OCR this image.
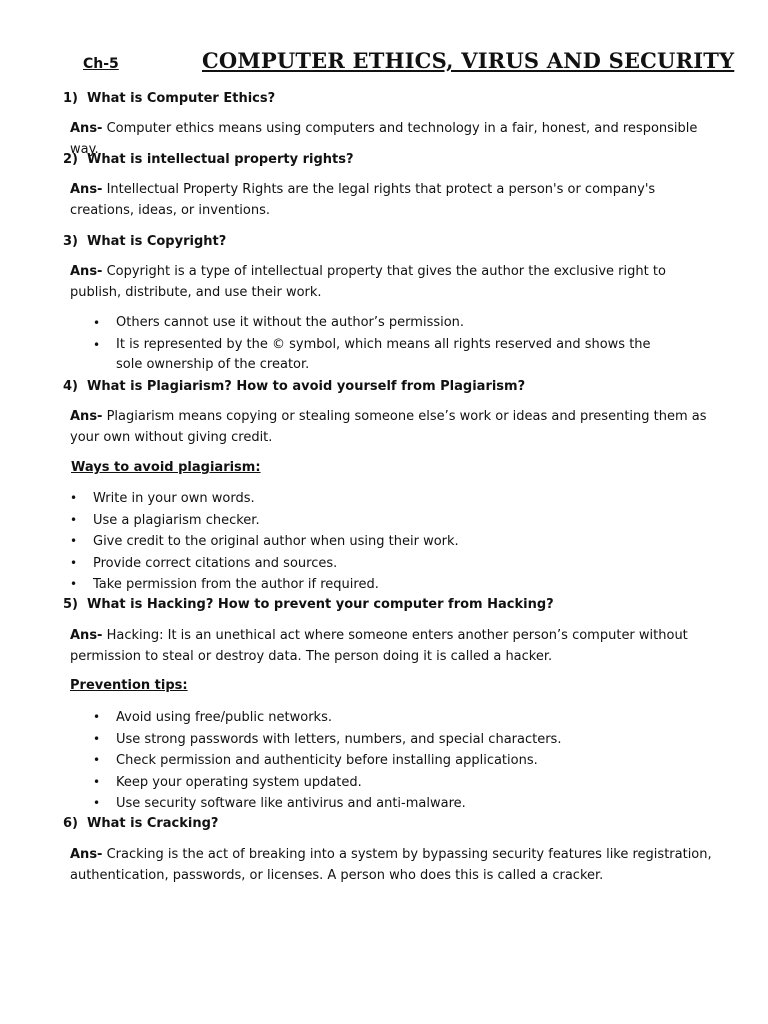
Ch-5	COMPUTER ETHICS, VIRUS AND SECURITY
1) What is Computer Ethics?
Ans- Computer ethics means using computers and technology in a fair, honest, and responsible way.
2) What is intellectual property rights?
Ans- Intellectual Property Rights are the legal rights that protect a person's or company's creations, ideas, or inventions.
3) What is Copyright?
Ans- Copyright is a type of intellectual property that gives the author the exclusive right to publish, distribute, and use their work.
• Others cannot use it without the author’s permission.
• It is represented by the © symbol, which means all rights reserved and shows the sole ownership of the creator.
4) What is Plagiarism? How to avoid yourself from Plagiarism?
Ans- Plagiarism means copying or stealing someone else’s work or ideas and presenting them as your own without giving credit.
Ways to avoid plagiarism:
• Write in your own words.
• Use a plagiarism checker.
• Give credit to the original author when using their work.
• Provide correct citations and sources.
• Take permission from the author if required.
5) What is Hacking? How to prevent your computer from Hacking?
Ans- Hacking: It is an unethical act where someone enters another person’s computer without permission to steal or destroy data. The person doing it is called a hacker.
Prevention tips:
• Avoid using free/public networks.
• Use strong passwords with letters, numbers, and special characters.
• Check permission and authenticity before installing applications.
• Keep your operating system updated.
• Use security software like antivirus and anti-malware.
6) What is Cracking?
Ans- Cracking is the act of breaking into a system by bypassing security features like registration, authentication, passwords, or licenses. A person who does this is called a cracker.
